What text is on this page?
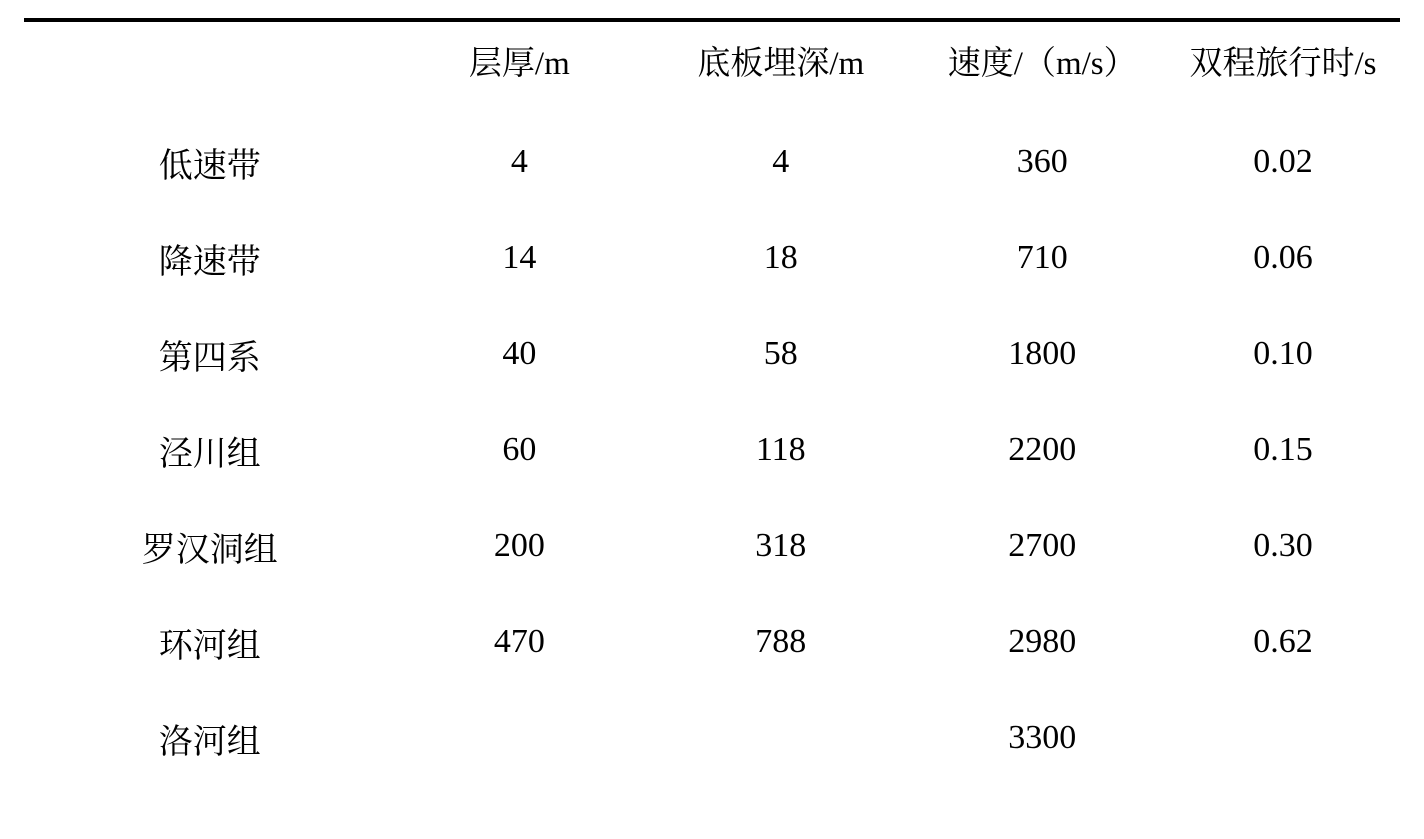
	层厚/m	底板埋深/m	速度/（m/s）	双程旅行时/s
低速带	4	4	360	0.02
降速带	14	18	710	0.06
第四系	40	58	1800	0.10
泾川组	60	118	2200	0.15
罗汉洞组	200	318	2700	0.30
环河组	470	788	2980	0.62
洛河组			3300	
